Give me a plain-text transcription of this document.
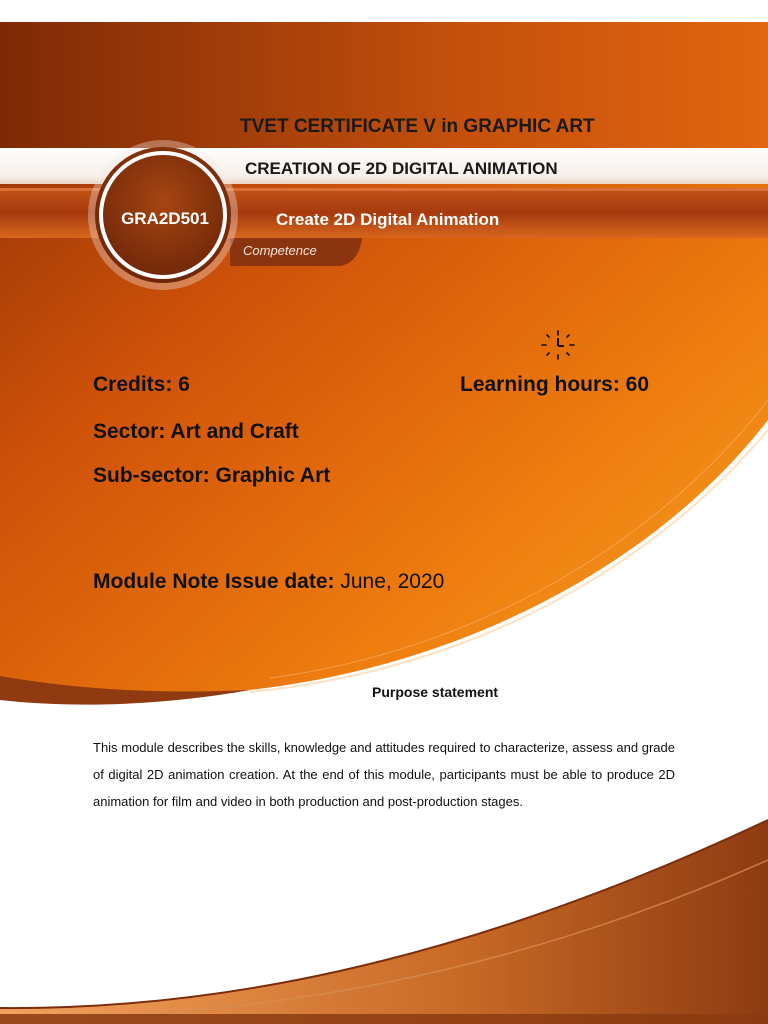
TVET CERTIFICATE V in GRAPHIC ART
CREATION OF 2D DIGITAL ANIMATION
GRA2D501	Create 2D Digital Animation
Competence
Credits: 6	Learning hours: 60
Sector: Art and Craft
Sub-sector: Graphic Art
Module Note Issue date: June, 2020
Purpose statement
This module describes the skills, knowledge and attitudes required to characterize, assess and grade of digital 2D animation creation. At the end of this module, participants must be able to produce 2D animation for film and video in both production and post-production stages.
